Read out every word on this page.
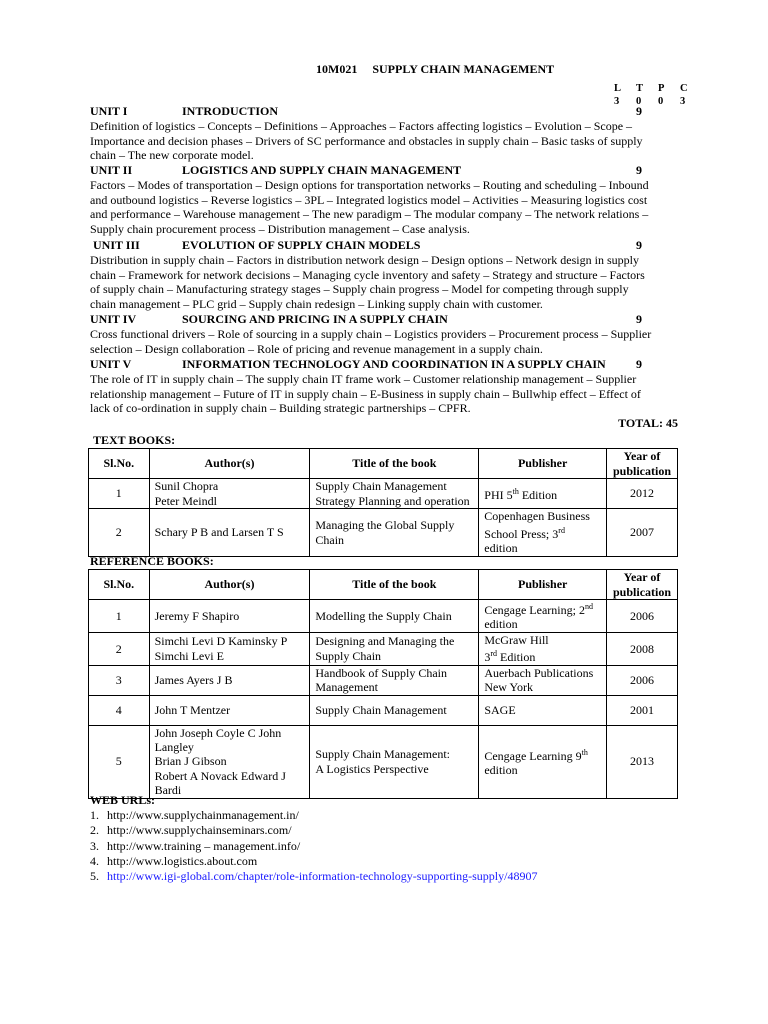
10M021     SUPPLY CHAIN MANAGEMENT
L T P C
3 0 0 3
UNIT I	INTRODUCTION	9

Definition of logistics – Concepts – Definitions – Approaches – Factors affecting logistics – Evolution – Scope –

Importance and decision phases – Drivers of SC performance and obstacles in supply chain – Basic tasks of supply

chain – The new corporate model.

UNIT II	LOGISTICS AND SUPPLY CHAIN MANAGEMENT	9

Factors – Modes of transportation – Design options for transportation networks – Routing and scheduling – Inbound

and outbound logistics – Reverse logistics – 3PL – Integrated logistics model – Activities – Measuring logistics cost

and performance – Warehouse management – The new paradigm – The modular company – The network relations –

Supply chain procurement process – Distribution management – Case analysis.

UNIT III	EVOLUTION OF SUPPLY CHAIN MODELS	9

Distribution in supply chain – Factors in distribution network design – Design options – Network design in supply

chain – Framework for network decisions – Managing cycle inventory and safety – Strategy and structure – Factors

of supply chain – Manufacturing strategy stages – Supply chain progress – Model for competing through supply

chain management – PLC grid – Supply chain redesign – Linking supply chain with customer.

UNIT IV	SOURCING AND PRICING IN A SUPPLY CHAIN	9

Cross functional drivers – Role of sourcing in a supply chain – Logistics providers – Procurement process – Supplier

selection – Design collaboration – Role of pricing and revenue management in a supply chain.

UNIT V	INFORMATION TECHNOLOGY AND COORDINATION IN A SUPPLY CHAIN	9

The role of IT in supply chain – The supply chain IT frame work – Customer relationship management – Supplier

relationship management – Future of IT in supply chain – E-Business in supply chain – Bullwhip effect – Effect of

lack of co-ordination in supply chain – Building strategic partnerships – CPFR.

TOTAL: 45
TEXT BOOKS:
Sl.No.	Author(s)	Title of the book	Publisher	Year of
publication
1	Sunil Chopra
Peter Meindl	Supply Chain Management
Strategy Planning and operation	PHI 5th Edition	2012
2	Schary P B and Larsen T S	Managing the Global Supply
Chain	Copenhagen Business
School Press; 3rd
edition	2007
REFERENCE BOOKS:
Sl.No.	Author(s)	Title of the book	Publisher	Year of
publication
1	Jeremy F Shapiro	Modelling the Supply Chain	Cengage Learning; 2nd
edition	2006
2	Simchi Levi D Kaminsky P
Simchi Levi E	Designing and Managing the
Supply Chain	McGraw Hill
3rd Edition	2008
3	James Ayers J B	Handbook of Supply Chain
Management	Auerbach Publications
New York	2006
4	John T Mentzer	Supply Chain Management	SAGE	2001
5	John Joseph Coyle C John
Langley
Brian J Gibson
Robert A Novack Edward J
Bardi	Supply Chain Management:
A Logistics Perspective	Cengage Learning 9th
edition	2013
WEB URLs:
1. http://www.supplychainmanagement.in/
2. http://www.supplychainseminars.com/
3. http://www.training – management.info/
4. http://www.logistics.about.com
5. http://www.igi-global.com/chapter/role-information-technology-supporting-supply/48907
